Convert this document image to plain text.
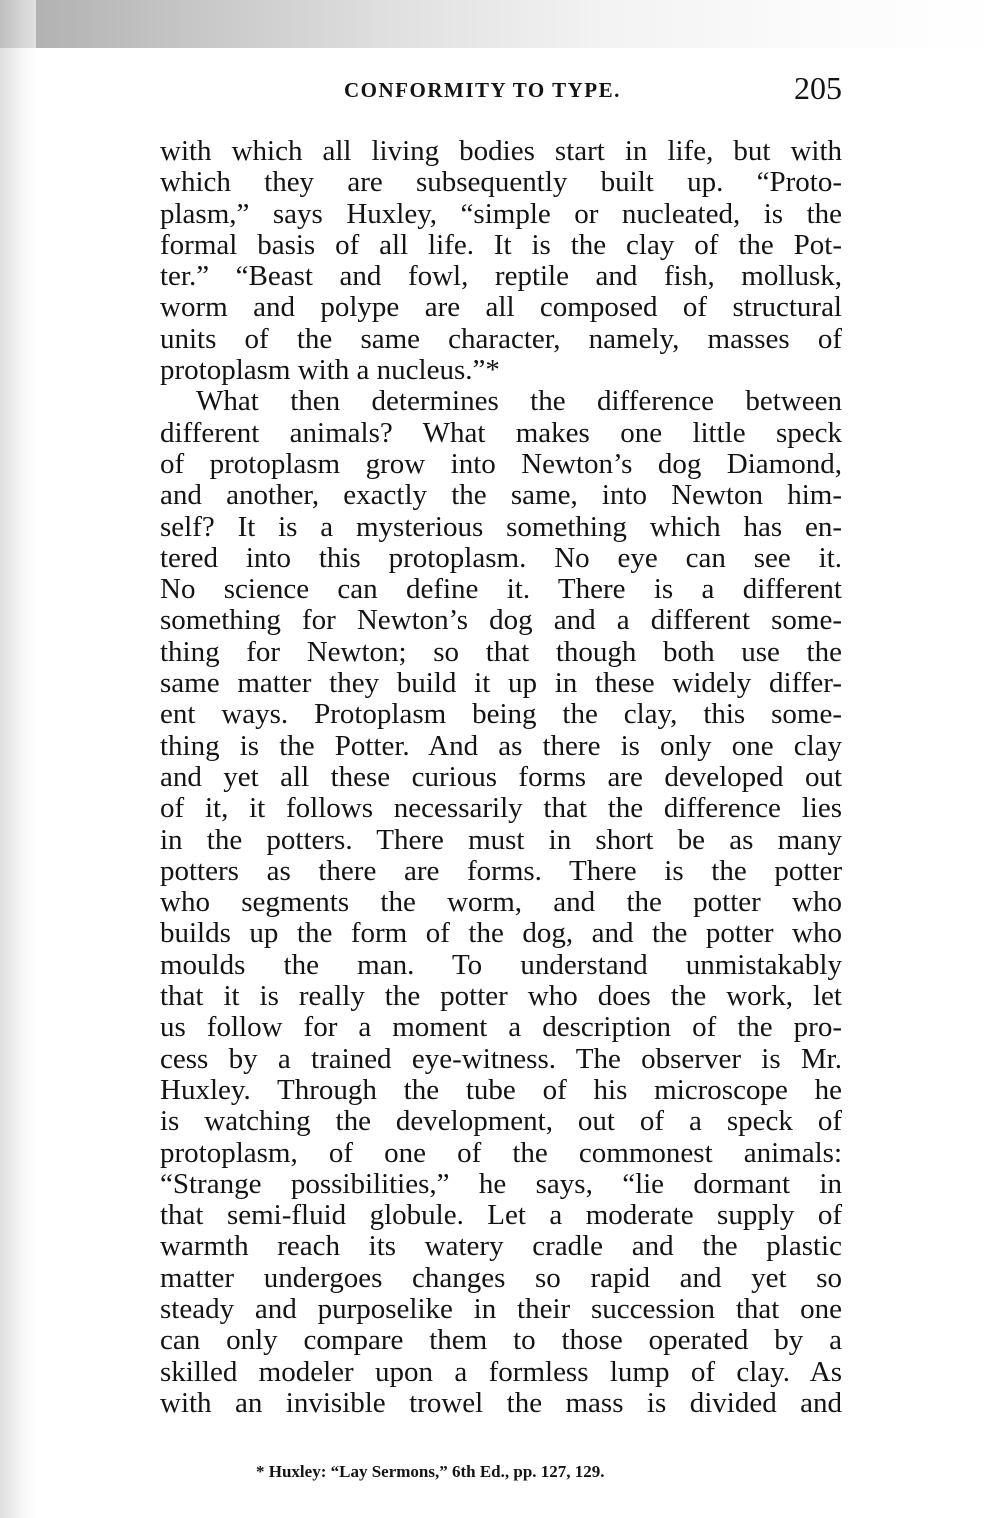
CONFORMITY TO TYPE.	205
with which all living bodies start in life, but with
which they are subsequently built up. “Proto-
plasm,” says Huxley, “simple or nucleated, is the
formal basis of all life. It is the clay of the Pot-
ter.” “Beast and fowl, reptile and fish, mollusk,
worm and polype are all composed of structural
units of the same character, namely, masses of
protoplasm with a nucleus.”*
What then determines the difference between
different animals? What makes one little speck
of protoplasm grow into Newton’s dog Diamond,
and another, exactly the same, into Newton him-
self? It is a mysterious something which has en-
tered into this protoplasm. No eye can see it.
No science can define it. There is a different
something for Newton’s dog and a different some-
thing for Newton; so that though both use the
same matter they build it up in these widely differ-
ent ways. Protoplasm being the clay, this some-
thing is the Potter. And as there is only one clay
and yet all these curious forms are developed out
of it, it follows necessarily that the difference lies
in the potters. There must in short be as many
potters as there are forms. There is the potter
who segments the worm, and the potter who
builds up the form of the dog, and the potter who
moulds the man. To understand unmistakably
that it is really the potter who does the work, let
us follow for a moment a description of the pro-
cess by a trained eye-witness. The observer is Mr.
Huxley. Through the tube of his microscope he
is watching the development, out of a speck of
protoplasm, of one of the commonest animals:
“Strange possibilities,” he says, “lie dormant in
that semi-fluid globule. Let a moderate supply of
warmth reach its watery cradle and the plastic
matter undergoes changes so rapid and yet so
steady and purposelike in their succession that one
can only compare them to those operated by a
skilled modeler upon a formless lump of clay. As
with an invisible trowel the mass is divided and
* Huxley: “Lay Sermons,” 6th Ed., pp. 127, 129.
